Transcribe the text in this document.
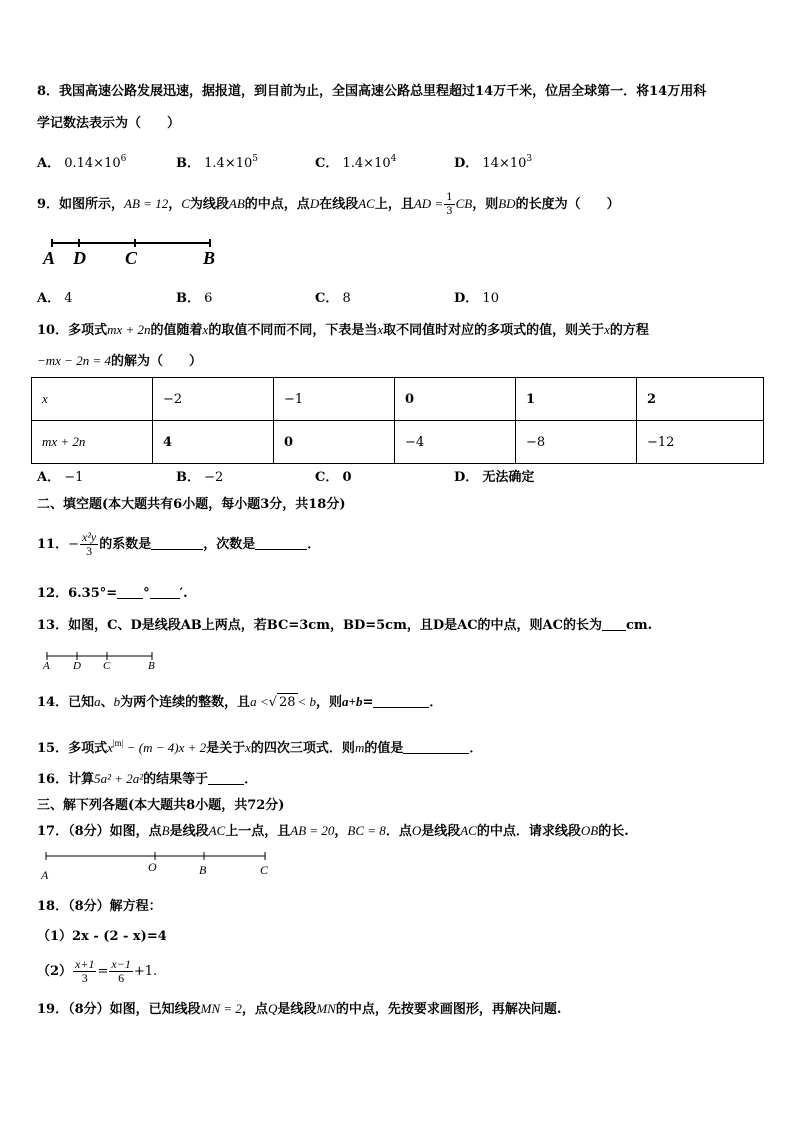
8．我国高速公路发展迅速，据报道，到目前为止，全国高速公路总里程超过14万千米，位居全球第一．将14万用科
学记数法表示为（　　）
A． $0.14\times 10^6$	B． $1.4\times 10^5$	C． $1.4\times 10^4$	D． $14\times 10^3$
9．如图所示，AB = 12，C为线段AB的中点，点D在线段AC上，且AD = $\frac{1}{3}$ CB，则BD的长度为（　　）
A D C	B
A． 4	B． 6	C． 8	D． 10
10．多项式mx + 2n的值随着x的取值不同而不同，下表是当x取不同值时对应的多项式的值，则关于x的方程
−mx − 2n = 4的解为（　　）
x	−2	−1	0	1	2
mx + 2n	4	0	−4	−8	−12
A． −1	B． −2	C． 0	D． 无法确定
二、填空题(本大题共有6小题，每小题3分，共18分)
11．− $\frac{\text{x²y}}{3}$ 的系数是	，次数是	．
12．6.35°= ° ′.
13．如图，C、D是线段AB上两点，若BC=3cm，BD=5cm，且D是AC的中点，则AC的长为 cm.
A D C	B
14．已知a、b为两个连续的整数，且a <√ 28 < b，则a+b=	．
15．多项式$x^{|m|} - (m - 4)x + 2$是关于x的四次三项式．则m的值是	．
16．计算5a² + 2a²的结果等于	．
三、解下列各题(本大题共8小题，共72分)
17．（8分）如图，点B是线段AC上一点，且AB = 20，BC = 8．点O是线段AC的中点．请求线段OB的长.
A
O	B	C
18．（8分）解方程：
（1）2x - (2 - x)=4
$(2) \frac{x+1}{3} = \frac{x-1}{6} +1$.
19．（8分）如图，已知线段MN = 2，点Q是线段MN的中点，先按要求画图形，再解决问题.
